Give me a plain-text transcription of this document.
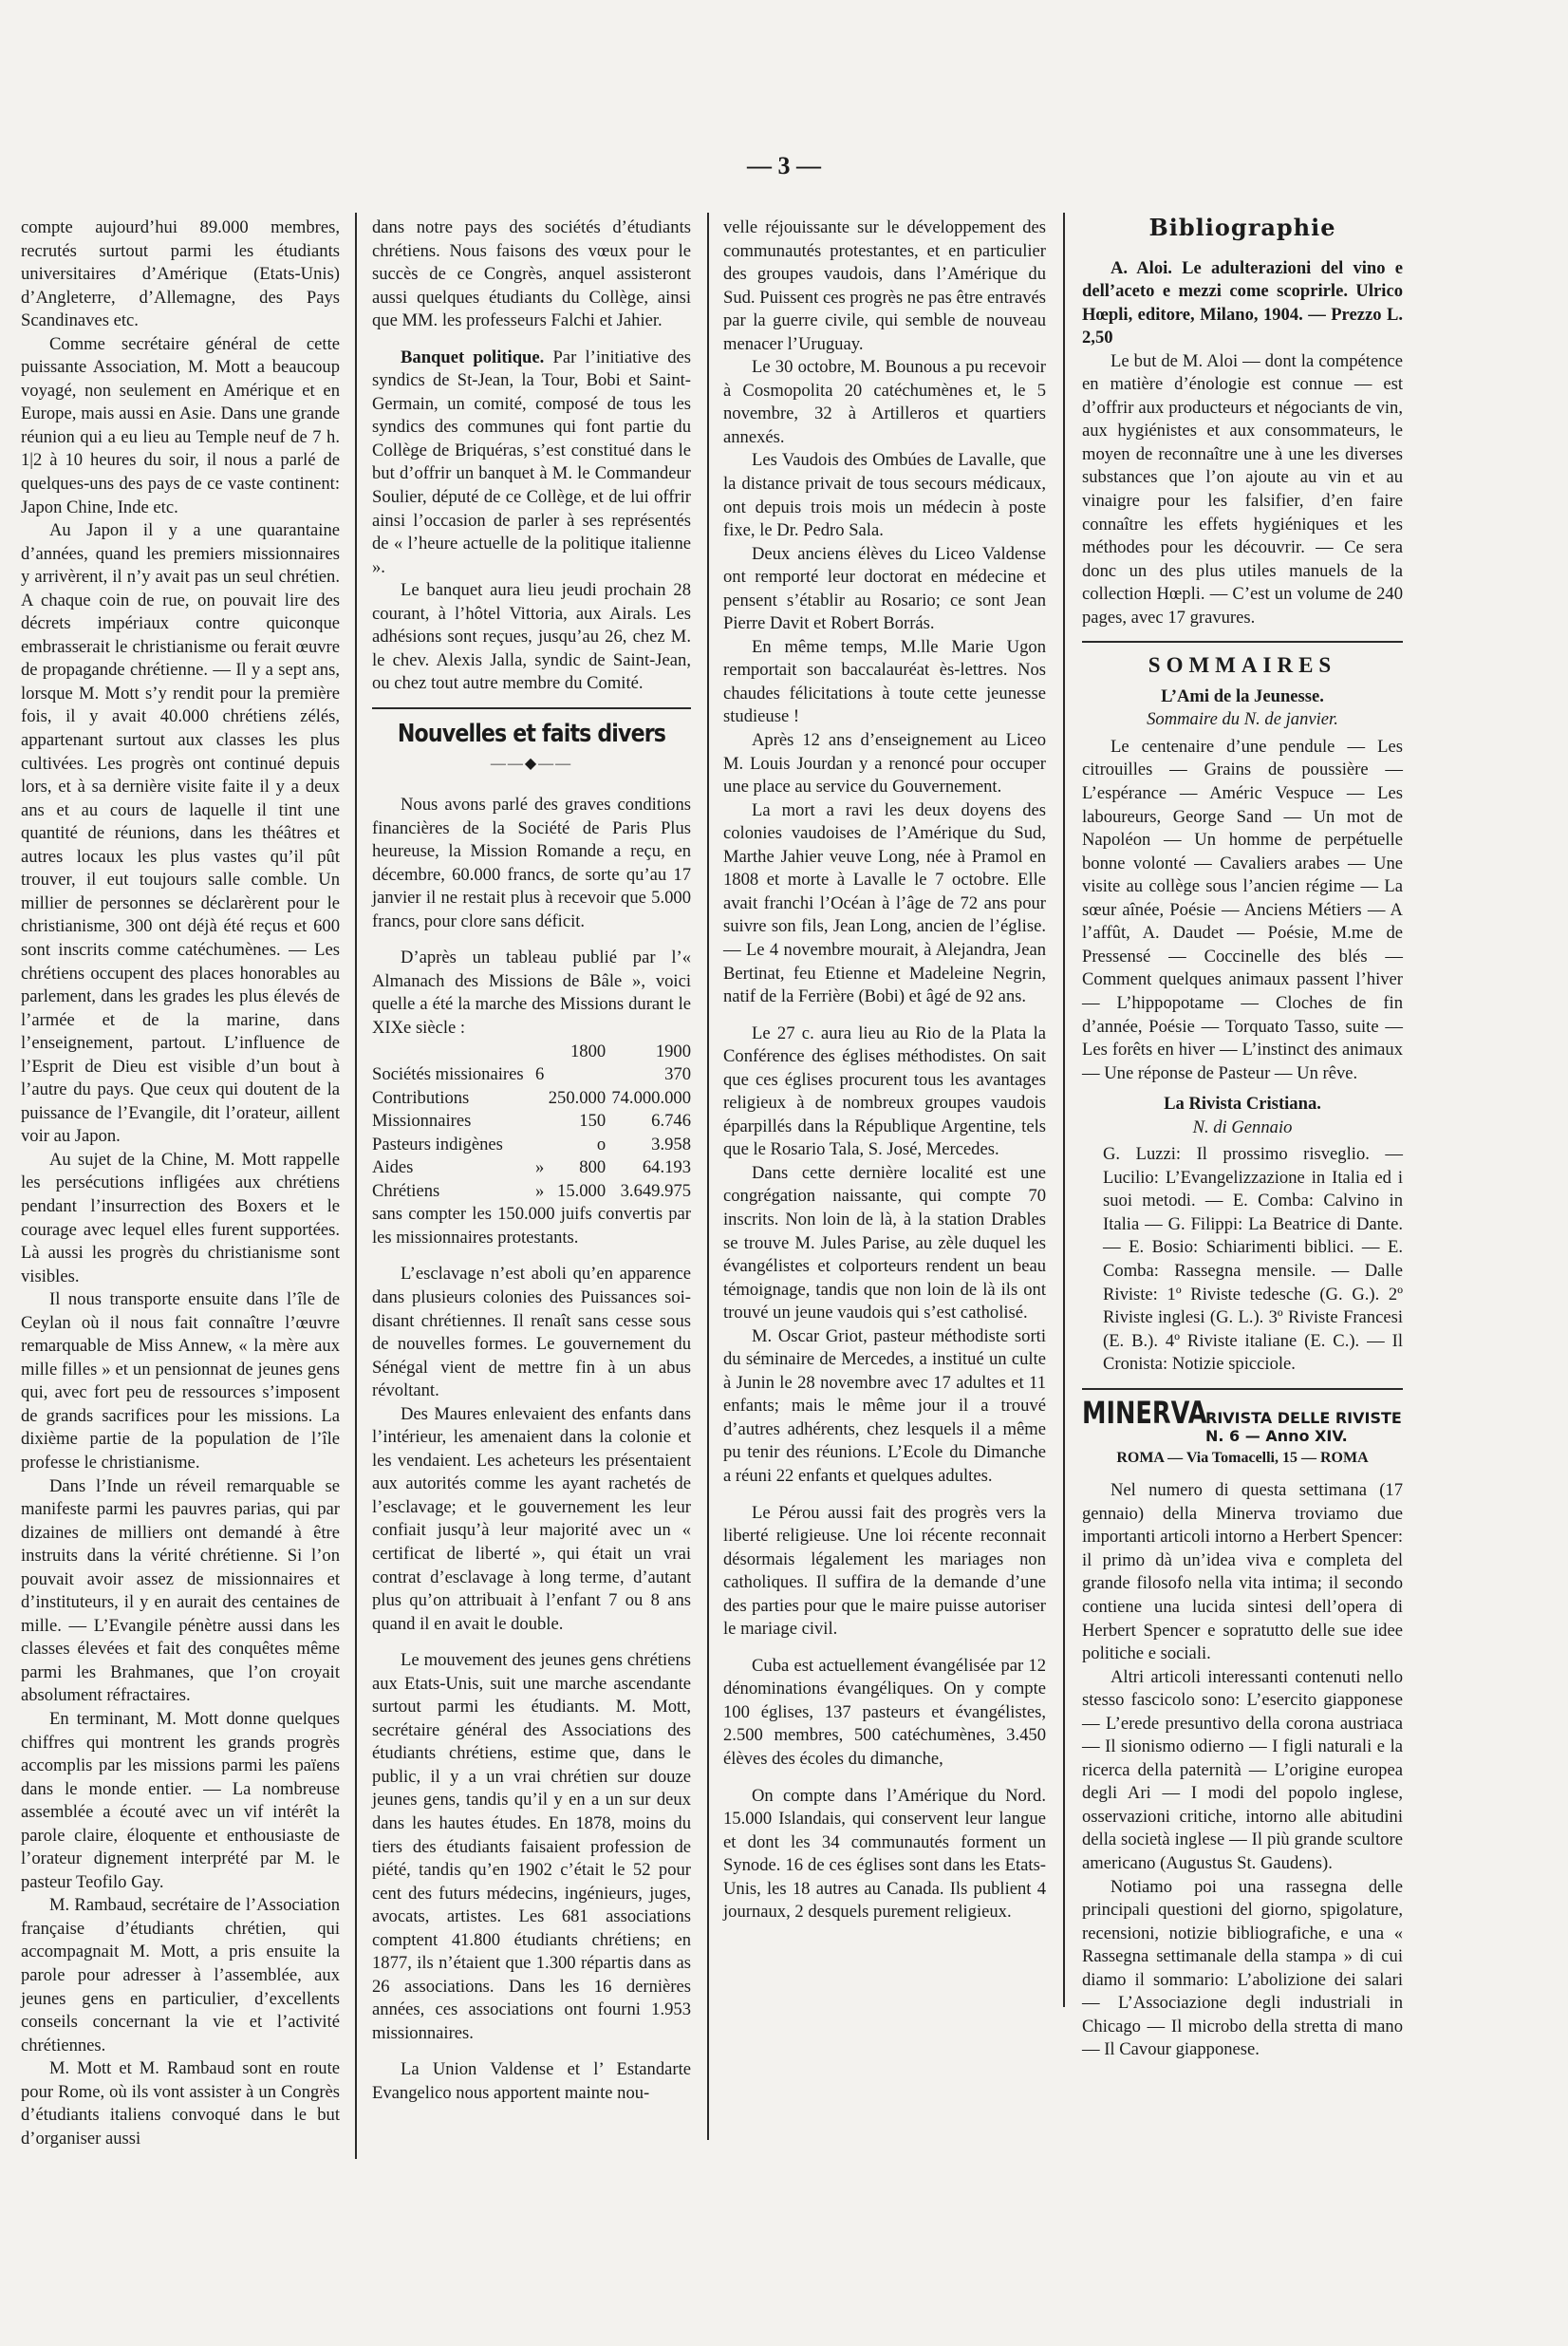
— 3 —

compte aujourd’hui 89.000 membres, recrutés surtout parmi les étudiants universitaires d’Amérique (Etats-Unis) d’Angleterre, d’Allemagne, des Pays Scandinaves etc.

Comme secrétaire général de cette puissante Association, M. Mott a beaucoup voyagé, non seulement en Amérique et en Europe, mais aussi en Asie. Dans une grande réunion qui a eu lieu au Temple neuf de 7 h. 1|2 à 10 heures du soir, il nous a parlé de quelques-uns des pays de ce vaste continent: Japon Chine, Inde etc.

Au Japon il y a une quarantaine d’années, quand les premiers missionnaires y arrivèrent, il n’y avait pas un seul chrétien. A chaque coin de rue, on pouvait lire des décrets impériaux contre quiconque embrasserait le christianisme ou ferait œuvre de propagande chrétienne. — Il y a sept ans, lorsque M. Mott s’y rendit pour la première fois, il y avait 40.000 chrétiens zélés, appartenant surtout aux classes les plus cultivées. Les progrès ont continué depuis lors, et à sa dernière visite faite il y a deux ans et au cours de laquelle il tint une quantité de réunions, dans les théâtres et autres locaux les plus vastes qu’il pût trouver, il eut toujours salle comble. Un millier de personnes se déclarèrent pour le christianisme, 300 ont déjà été reçus et 600 sont inscrits comme catéchumènes. — Les chrétiens occupent des places honorables au parlement, dans les grades les plus élevés de l’armée et de la marine, dans l’enseignement, partout. L’influence de l’Esprit de Dieu est visible d’un bout à l’autre du pays. Que ceux qui doutent de la puissance de l’Evangile, dit l’orateur, aillent voir au Japon.

Au sujet de la Chine, M. Mott rappelle les persécutions infligées aux chrétiens pendant l’insurrection des Boxers et le courage avec lequel elles furent supportées. Là aussi les progrès du christianisme sont visibles.

Il nous transporte ensuite dans l’île de Ceylan où il nous fait connaître l’œuvre remarquable de Miss Annew, « la mère aux mille filles » et un pensionnat de jeunes gens qui, avec fort peu de ressources s’imposent de grands sacrifices pour les missions. La dixième partie de la population de l’île professe le christianisme.

Dans l’Inde un réveil remarquable se manifeste parmi les pauvres parias, qui par dizaines de milliers ont demandé à être instruits dans la vérité chrétienne. Si l’on pouvait avoir assez de missionnaires et d’instituteurs, il y en aurait des centaines de mille. — L’Evangile pénètre aussi dans les classes élevées et fait des conquêtes même parmi les Brahmanes, que l’on croyait absolument réfractaires.

En terminant, M. Mott donne quelques chiffres qui montrent les grands progrès accomplis par les missions parmi les païens dans le monde entier. — La nombreuse assemblée a écouté avec un vif intérêt la parole claire, éloquente et enthousiaste de l’orateur dignement interprété par M. le pasteur Teofilo Gay.

M. Rambaud, secrétaire de l’Association française d’étudiants chrétien, qui accompagnait M. Mott, a pris ensuite la parole pour adresser à l’assemblée, aux jeunes gens en particulier, d’excellents conseils concernant la vie et l’activité chrétiennes.

M. Mott et M. Rambaud sont en route pour Rome, où ils vont assister à un Congrès d’étudiants italiens convoqué dans le but d’organiser aussi

dans notre pays des sociétés d’étudiants chrétiens. Nous faisons des vœux pour le succès de ce Congrès, anquel assisteront aussi quelques étudiants du Collège, ainsi que MM. les professeurs Falchi et Jahier.

Banquet politique. Par l’initiative des syndics de St-Jean, la Tour, Bobi et Saint-Germain, un comité, composé de tous les syndics des communes qui font partie du Collège de Briquéras, s’est constitué dans le but d’offrir un banquet à M. le Commandeur Soulier, député de ce Collège, et de lui offrir ainsi l’occasion de parler à ses représentés de « l’heure actuelle de la politique italienne ».

Le banquet aura lieu jeudi prochain 28 courant, à l’hôtel Vittoria, aux Airals. Les adhésions sont reçues, jusqu’au 26, chez M. le chev. Alexis Jalla, syndic de Saint-Jean, ou chez tout autre membre du Comité.

Nouvelles et faits divers
——◆——

Nous avons parlé des graves conditions financières de la Société de Paris Plus heureuse, la Mission Romande a reçu, en décembre, 60.000 francs, de sorte qu’au 17 janvier il ne restait plus à recevoir que 5.000 francs, pour clore sans déficit.

D’après un tableau publié par l’« Almanach des Missions de Bâle », voici quelle a été la marche des Missions durant le XIXe siècle :

		1800	1900
Sociétés missionaires	6		370
Contributions		250.000	74.000.000
Missionnaires		150	6.746
Pasteurs indigènes		o	3.958
Aides	»	800	64.193
Chrétiens	»	15.000	3.649.975

sans compter les 150.000 juifs convertis par les missionnaires protestants.

L’esclavage n’est aboli qu’en apparence dans plusieurs colonies des Puissances soi-disant chrétiennes. Il renaît sans cesse sous de nouvelles formes. Le gouvernement du Sénégal vient de mettre fin à un abus révoltant.

Des Maures enlevaient des enfants dans l’intérieur, les amenaient dans la colonie et les vendaient. Les acheteurs les présentaient aux autorités comme les ayant rachetés de l’esclavage; et le gouvernement les leur confiait jusqu’à leur majorité avec un « certificat de liberté », qui était un vrai contrat d’esclavage à long terme, d’autant plus qu’on attribuait à l’enfant 7 ou 8 ans quand il en avait le double.

Le mouvement des jeunes gens chrétiens aux Etats-Unis, suit une marche ascendante surtout parmi les étudiants. M. Mott, secrétaire général des Associations des étudiants chrétiens, estime que, dans le public, il y a un vrai chrétien sur douze jeunes gens, tandis qu’il y en a un sur deux dans les hautes études. En 1878, moins du tiers des étudiants faisaient profession de piété, tandis qu’en 1902 c’était le 52 pour cent des futurs médecins, ingénieurs, juges, avocats, artistes. Les 681 associations comptent 41.800 étudiants chrétiens; en 1877, ils n’étaient que 1.300 répartis dans as 26 associations. Dans les 16 dernières années, ces associations ont fourni 1.953 missionnaires.

La Union Valdense et l’ Estandarte Evangelico nous apportent mainte nou-

velle réjouissante sur le développement des communautés protestantes, et en particulier des groupes vaudois, dans l’Amérique du Sud. Puissent ces progrès ne pas être entravés par la guerre civile, qui semble de nouveau menacer l’Uruguay.

Le 30 octobre, M. Bounous a pu recevoir à Cosmopolita 20 catéchumènes et, le 5 novembre, 32 à Artilleros et quartiers annexés.

Les Vaudois des Ombúes de Lavalle, que la distance privait de tous secours médicaux, ont depuis trois mois un médecin à poste fixe, le Dr. Pedro Sala.

Deux anciens élèves du Liceo Valdense ont remporté leur doctorat en médecine et pensent s’établir au Rosario; ce sont Jean Pierre Davit et Robert Borrás.

En même temps, M.lle Marie Ugon remportait son baccalauréat ès-lettres. Nos chaudes félicitations à toute cette jeunesse studieuse !

Après 12 ans d’enseignement au Liceo M. Louis Jourdan y a renoncé pour occuper une place au service du Gouvernement.

La mort a ravi les deux doyens des colonies vaudoises de l’Amérique du Sud, Marthe Jahier veuve Long, née à Pramol en 1808 et morte à Lavalle le 7 octobre. Elle avait franchi l’Océan à l’âge de 72 ans pour suivre son fils, Jean Long, ancien de l’église. — Le 4 novembre mourait, à Alejandra, Jean Bertinat, feu Etienne et Madeleine Negrin, natif de la Ferrière (Bobi) et âgé de 92 ans.

Le 27 c. aura lieu au Rio de la Plata la Conférence des églises méthodistes. On sait que ces églises procurent tous les avantages religieux à de nombreux groupes vaudois éparpillés dans la République Argentine, tels que le Rosario Tala, S. José, Mercedes.

Dans cette dernière localité est une congrégation naissante, qui compte 70 inscrits. Non loin de là, à la station Drables se trouve M. Jules Parise, au zèle duquel les évangélistes et colporteurs rendent un beau témoignage, tandis que non loin de là ils ont trouvé un jeune vaudois qui s’est catholisé.

M. Oscar Griot, pasteur méthodiste sorti du séminaire de Mercedes, a institué un culte à Junin le 28 novembre avec 17 adultes et 11 enfants; mais le même jour il a trouvé d’autres adhérents, chez lesquels il a même pu tenir des réunions. L’Ecole du Dimanche a réuni 22 enfants et quelques adultes.

Le Pérou aussi fait des progrès vers la liberté religieuse. Une loi récente reconnait désormais légalement les mariages non catholiques. Il suffira de la demande d’une des parties pour que le maire puisse autoriser le mariage civil.

Cuba est actuellement évangélisée par 12 dénominations évangéliques. On y compte 100 églises, 137 pasteurs et évangélistes, 2.500 membres, 500 catéchumènes, 3.450 élèves des écoles du dimanche,

On compte dans l’Amérique du Nord. 15.000 Islandais, qui conservent leur langue et dont les 34 communautés forment un Synode. 16 de ces églises sont dans les Etats-Unis, les 18 autres au Canada. Ils publient 4 journaux, 2 desquels purement religieux.

Bibliographie

A. Aloi. Le adulterazioni del vino e dell’aceto e mezzi come scoprirle. Ulrico Hœpli, editore, Milano, 1904. — Prezzo L. 2,50

Le but de M. Aloi — dont la compétence en matière d’énologie est connue — est d’offrir aux producteurs et négociants de vin, aux hygiénistes et aux consommateurs, le moyen de reconnaître une à une les diverses substances que l’on ajoute au vin et au vinaigre pour les falsifier, d’en faire connaître les effets hygiéniques et les méthodes pour les découvrir. — Ce sera donc un des plus utiles manuels de la collection Hœpli. — C’est un volume de 240 pages, avec 17 gravures.

SOMMAIRES
L’Ami de la Jeunesse.
Sommaire du N. de janvier.

Le centenaire d’une pendule — Les citrouilles — Grains de poussière — L’espérance — Améric Vespuce — Les laboureurs, George Sand — Un mot de Napoléon — Un homme de perpétuelle bonne volonté — Cavaliers arabes — Une visite au collège sous l’ancien régime — La sœur aînée, Poésie — Anciens Métiers — A l’affût, A. Daudet — Poésie, M.me de Pressensé — Coccinelle des blés — Comment quelques animaux passent l’hiver — L’hippopotame — Cloches de fin d’année, Poésie — Torquato Tasso, suite — Les forêts en hiver — L’instinct des animaux — Une réponse de Pasteur — Un rêve.

La Rivista Cristiana.
N. di Gennaio

G. Luzzi: Il prossimo risveglio. — Lucilio: L’Evangelizzazione in Italia ed i suoi metodi. — E. Comba: Calvino in Italia — G. Filippi: La Beatrice di Dante. — E. Bosio: Schiarimenti biblici. — E. Comba: Rassegna mensile. — Dalle Riviste: 1º Riviste tedesche (G. G.). 2º Riviste inglesi (G. L.). 3º Riviste Francesi (E. B.). 4º Riviste italiane (E. C.). — Il Cronista: Notizie spicciole.

MINERVA
RIVISTA DELLE RIVISTE
N. 6 — Anno XIV.
ROMA — Via Tomacelli, 15 — ROMA

Nel numero di questa settimana (17 gennaio) della Minerva troviamo due importanti articoli intorno a Herbert Spencer: il primo dà un’idea viva e completa del grande filosofo nella vita intima; il secondo contiene una lucida sintesi dell’opera di Herbert Spencer e sopratutto delle sue idee politiche e sociali.

Altri articoli interessanti contenuti nello stesso fascicolo sono: L’esercito giapponese — L’erede presuntivo della corona austriaca — Il sionismo odierno — I figli naturali e la ricerca della paternità — L’origine europea degli Ari — I modi del popolo inglese, osservazioni critiche, intorno alle abitudini della società inglese — Il più grande scultore americano (Augustus St. Gaudens).

Notiamo poi una rassegna delle principali questioni del giorno, spigolature, recensioni, notizie bibliografiche, e una « Rassegna settimanale della stampa » di cui diamo il sommario: L’abolizione dei salari — L’Associazione degli industriali in Chicago — Il microbo della stretta di mano — Il Cavour giapponese.
